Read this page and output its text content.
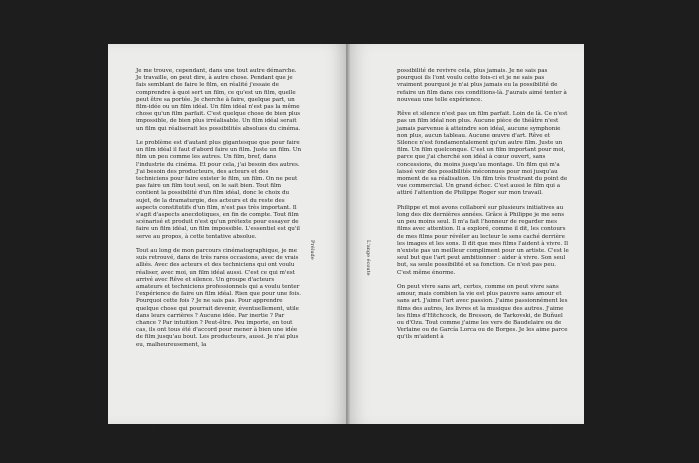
Je me trouve, cependant, dans une tout autre démarche. Je travaille, on peut dire, à autre chose. Pendant que je fais semblant de faire le film, en réalité j'essaie de comprendre à quoi sert un film, ce qu'est un film, quelle peut être sa portée. Je cherche à faire, quelque part, un film-idée ou un film idéal. Un film idéal n'est pas la même chose qu'un film parfait. C'est quelque chose de bien plus impossible, de bien plus irréalisable. Un film idéal serait un film qui réaliserait les possibilités absolues du cinéma.

Le problème est d'autant plus gigantesque que pour faire un film idéal il faut d'abord faire un film. Juste un film. Un film un peu comme les autres. Un film, bref, dans l'industrie du cinéma. Et pour cela, j'ai besoin des autres. J'ai besoin des producteurs, des acteurs et des techniciens pour faire exister le film, un film. On ne peut pas faire un film tout seul, on le sait bien. Tout film contient la possibilité d'un film idéal, donc le choix du sujet, de la dramaturgie, des acteurs et du reste des aspects constitutifs d'un film, n'est pas très important. Il s'agit d'aspects anecdotiques, en fin de compte. Tout film scénarisé et produit n'est qu'un prétexte pour essayer de faire un film idéal, un film impossible. L'essentiel est qu'il serve au propos, à cette tentative absolue.

Tout au long de mon parcours cinématographique, je me suis retrouvé, dans de très rares occasions, avec de vrais alliés. Avec des acteurs et des techniciens qui ont voulu réaliser, avec moi, un film idéal aussi. C'est ce qui m'est arrivé avec Rêve et silence. Un groupe d'acteurs amateurs et techniciens professionnels qui a voulu tenter l'expérience de faire un film idéal. Rien que pour une fois. Pourquoi cette fois ? Je ne sais pas. Pour apprendre quelque chose qui pourrait devenir, éventuellement, utile dans leurs carrières ? Aucune idée. Par inertie ? Par chance ? Par intuition ? Peut-être. Peu importe, en tout cas, ils ont tous été d'accord pour mener à bien une idée de film jusqu'au bout. Les producteurs, aussi. Je n'ai plus eu, malheureusement, la

Prélude
6

possibilité de revivre cela, plus jamais. Je ne sais pas pourquoi ils l'ont voulu cette fois-ci et je ne sais pas vraiment pourquoi je n'ai plus jamais eu la possibilité de refaire un film dans ces conditions-là. J'aurais aimé tenter à nouveau une telle expérience.

Rêve et silence n'est pas un film parfait. Loin de là. Ce n'est pas un film idéal non plus. Aucune pièce de théâtre n'est jamais parvenue à atteindre son idéal, aucune symphonie non plus, aucun tableau. Aucune œuvre d'art. Rêve et Silence n'est fondamentalement qu'un autre film. Juste un film. Un film quelconque. C'est un film important pour moi, parce que j'ai cherché son idéal à cœur ouvert, sans concessions, du moins jusqu'au montage. Un film qui m'a laissé voir des possibilités méconnues pour moi jusqu'au moment de sa réalisation. Un film très frustrant du point de vue commercial. Un grand échec. C'est aussi le film qui a attiré l'attention de Philippe Roger sur mon travail.

Philippe et moi avons collaboré sur plusieurs initiatives au long des dix dernières années. Grâce à Philippe je me sens un peu moins seul. Il m'a fait l'honneur de regarder mes films avec attention. Il a exploré, comme il dit, les contours de mes films pour révéler au lecteur le sens caché derrière les images et les sons. Il dit que mes films l'aident à vivre. Il n'existe pas un meilleur compliment pour un artiste. C'est le seul but que l'art peut ambitionner : aider à vivre. Son seul but, sa seule possibilité et sa fonction. Ce n'est pas peu. C'est même énorme.

On peut vivre sans art, certes, comme on peut vivre sans amour, mais combien la vie est plus pauvre sans amour et sans art. J'aime l'art avec passion. J'aime passionnément les films des autres, les livres et la musique des autres. J'aime les films d'Hitchcock, de Bresson, de Tarkovski, de Buñuel ou d'Ozu. Tout comme j'aime les vers de Baudelaire ou de Verlaine ou de García Lorca ou de Borges. Je les aime parce qu'ils m'aident à

L'ange écoute
7
